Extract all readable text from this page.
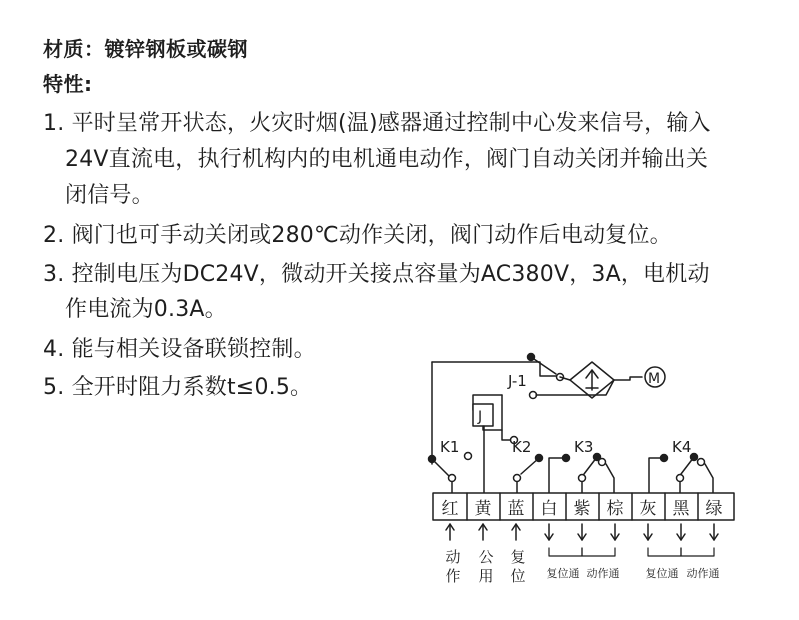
材质：镀锌钢板或碳钢
特性:
1. 平时呈常开状态，火灾时烟(温)感器通过控制中心发来信号，输入
24V直流电，执行机构内的电机通电动作，阀门自动关闭并输出关
闭信号。
2. 阀门也可手动关闭或280℃动作关闭，阀门动作后电动复位。
3. 控制电压为DC24V，微动开关接点容量为AC380V，3A，电机动
作电流为0.3A。
4. 能与相关设备联锁控制。
5. 全开时阻力系数t≤0.5。	J-1	M
J
K1	K2	K3	K4
红 黄 蓝 白 紫 棕 灰 黑 绿
动
作
公
用
复
位 复位通 动作通 复位通 动作通
